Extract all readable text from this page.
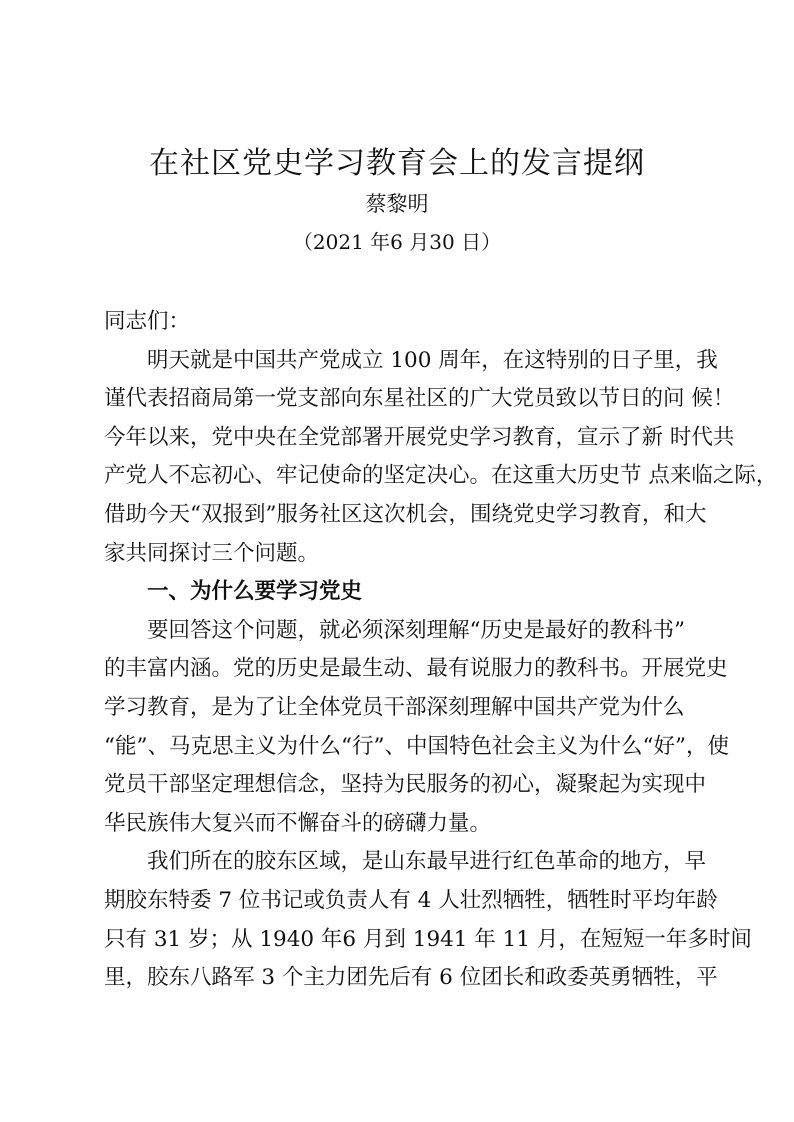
在社区党史学习教育会上的发言提纲
蔡黎明
（2021 年6 月30 日）
同志们：
明天就是中国共产党成立 100 周年，在这特别的日子里，我
谨代表招商局第一党支部向东星社区的广大党员致以节日的问 候！
今年以来，党中央在全党部署开展党史学习教育，宣示了新 时代共
产党人不忘初心、牢记使命的坚定决心。在这重大历史节 点来临之际，
借助今天“双报到”服务社区这次机会，围绕党史学习教育，和大
家共同探讨三个问题。
一、为什么要学习党史
要回答这个问题，就必须深刻理解“历史是最好的教科书”
的丰富内涵。党的历史是最生动、最有说服力的教科书。开展党史
学习教育，是为了让全体党员干部深刻理解中国共产党为什么
“能”、马克思主义为什么“行”、中国特色社会主义为什么“好”，使
党员干部坚定理想信念，坚持为民服务的初心，凝聚起为实现中
华民族伟大复兴而不懈奋斗的磅礴力量。
我们所在的胶东区域，是山东最早进行红色革命的地方，早
期胶东特委 7 位书记或负责人有 4 人壮烈牺牲，牺牲时平均年龄
只有 31 岁；从 1940 年6 月到 1941 年 11 月，在短短一年多时间
里，胶东八路军 3 个主力团先后有 6 位团长和政委英勇牺牲，平
